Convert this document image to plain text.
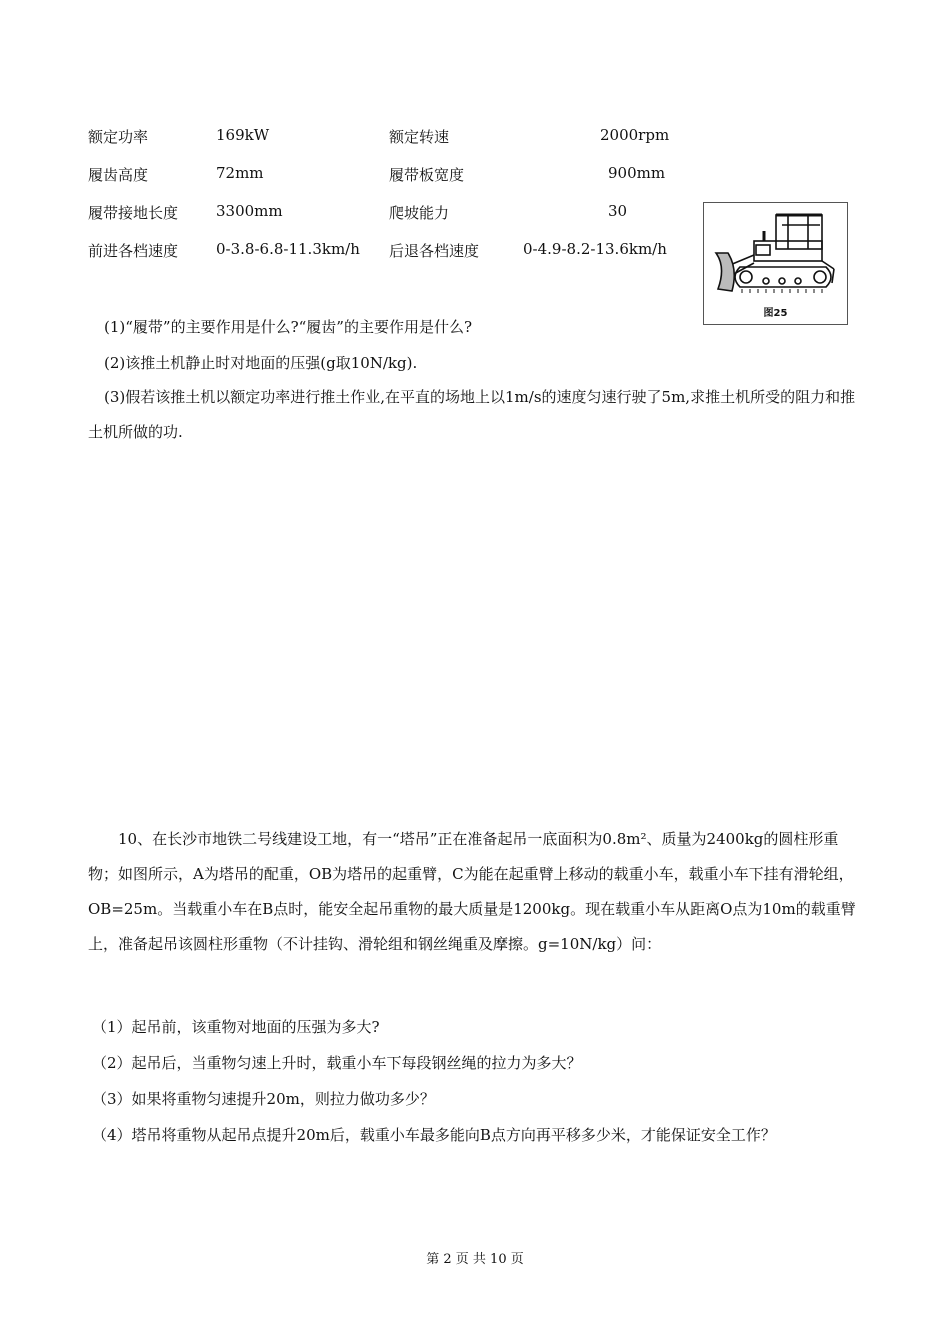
额定功率	169kW	额定转速	2000rpm
履齿高度	72mm	履带板宽度	900mm
履带接地长度	3300mm	爬坡能力	30
前进各档速度	0-3.8-6.8-11.3km/h 后退各档速度	0-4.9-8.2-13.6km/h
图25
(1)“履带”的主要作用是什么?“履齿”的主要作用是什么?
(2)该推土机静止时对地面的压强(g取10N/kg).
(3)假若该推土机以额定功率进行推土作业,在平直的场地上以1m/s的速度匀速行驶了5m,求推土机所受的阻力和推土机所做的功.
10、在长沙市地铁二号线建设工地，有一“塔吊”正在准备起吊一底面积为0.8m²、质量为2400kg的圆柱形重物；如图所示，A为塔吊的配重，OB为塔吊的起重臂，C为能在起重臂上移动的载重小车，载重小车下挂有滑轮组，OB=25m。当载重小车在B点时，能安全起吊重物的最大质量是1200kg。现在载重小车从距离O点为10m的载重臂上，准备起吊该圆柱形重物（不计挂钩、滑轮组和钢丝绳重及摩擦。g=10N/kg）问：
（1）起吊前，该重物对地面的压强为多大?
（2）起吊后，当重物匀速上升时，载重小车下每段钢丝绳的拉力为多大？
（3）如果将重物匀速提升20m，则拉力做功多少？
（4）塔吊将重物从起吊点提升20m后，载重小车最多能向B点方向再平移多少米，才能保证安全工作？
第 2 页 共 10 页
